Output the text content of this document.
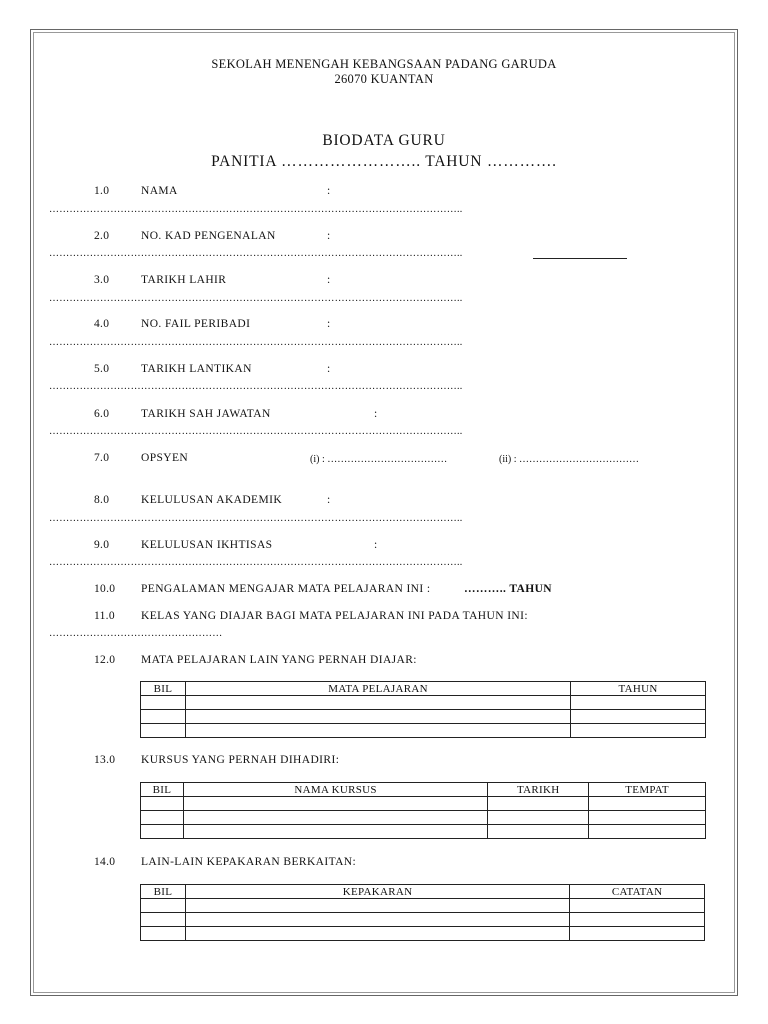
SEKOLAH MENENGAH KEBANGSAAN PADANG GARUDA
26070 KUANTAN
BIODATA GURU
PANITIA …………………….. TAHUN ………….
1.0	NAMA	:
…………………………………………………………………………………………………………..
2.0	NO. KAD PENGENALAN	:
…………………………………………………………………………………………………………..
3.0	TARIKH LAHIR	:
…………………………………………………………………………………………………………..
4.0	NO. FAIL PERIBADI	:
…………………………………………………………………………………………………………..
5.0	TARIKH LANTIKAN	:
…………………………………………………………………………………………………………..
6.0	TARIKH SAH JAWATAN	:
…………………………………………………………………………………………………………..
7.0	OPSYEN	(i) : ………………………………	(ii) : ………………………………
8.0	KELULUSAN AKADEMIK	:
…………………………………………………………………………………………………………..
9.0	KELULUSAN IKHTISAS	:
…………………………………………………………………………………………………………..
10.0 PENGALAMAN MENGAJAR MATA PELAJARAN INI :	……….. TAHUN
11.0 KELAS YANG DIAJAR BAGI MATA PELAJARAN INI PADA TAHUN INI:
……………………………………………
12.0 MATA PELAJARAN LAIN YANG PERNAH DIAJAR:
BIL	MATA PELAJARAN	TAHUN

13.0 KURSUS YANG PERNAH DIHADIRI:
BIL	NAMA KURSUS	TARIKH	TEMPAT

14.0 LAIN-LAIN KEPAKARAN BERKAITAN:
BIL	KEPAKARAN	CATATAN
